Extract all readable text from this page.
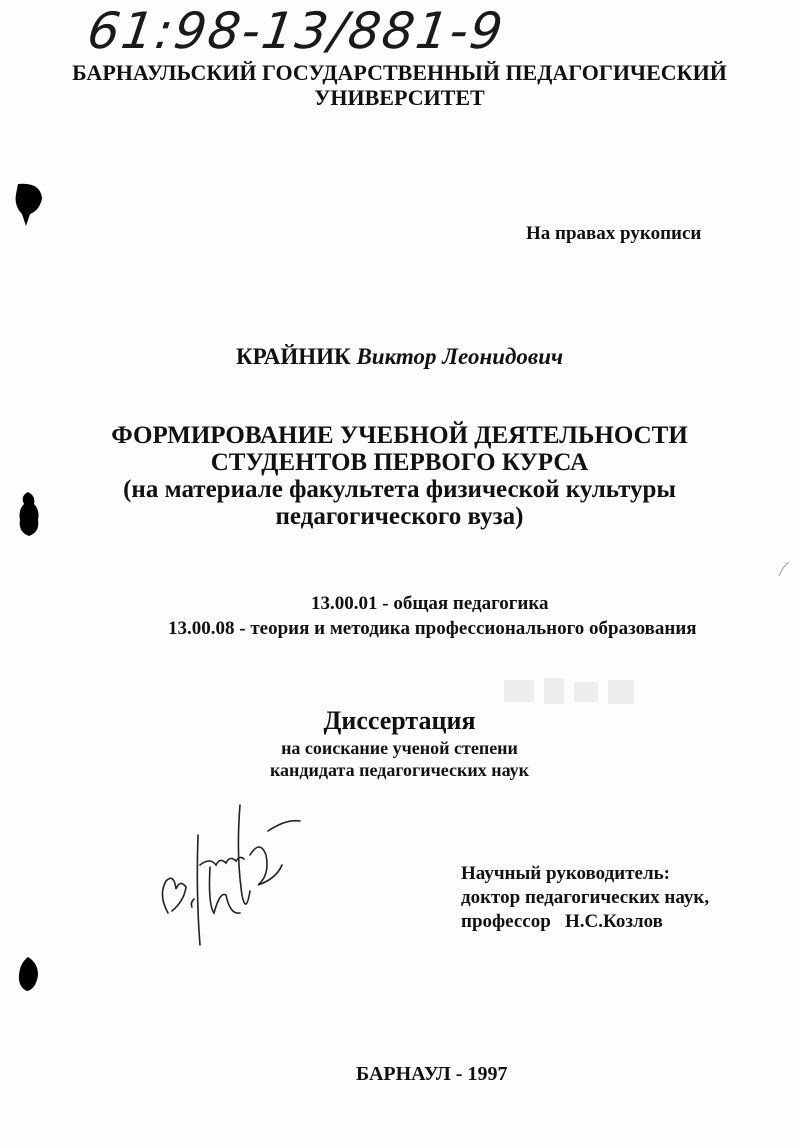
61:98-13/881-9
БАРНАУЛЬСКИЙ ГОСУДАРСТВЕННЫЙ ПЕДАГОГИЧЕСКИЙ
УНИВЕРСИТЕТ
На правах рукописи
КРАЙНИК Виктор Леонидович
ФОРМИРОВАНИЕ УЧЕБНОЙ ДЕЯТЕЛЬНОСТИ
СТУДЕНТОВ ПЕРВОГО КУРСА
(на материале факультета физической культуры
педагогического вуза)
13.00.01 - общая педагогика
13.00.08 - теория и методика профессионального образования
Диссертация
на соискание ученой степени
кандидата педагогических наук
Научный руководитель:
доктор педагогических наук,
профессор   Н.С.Козлов
БАРНАУЛ - 1997
